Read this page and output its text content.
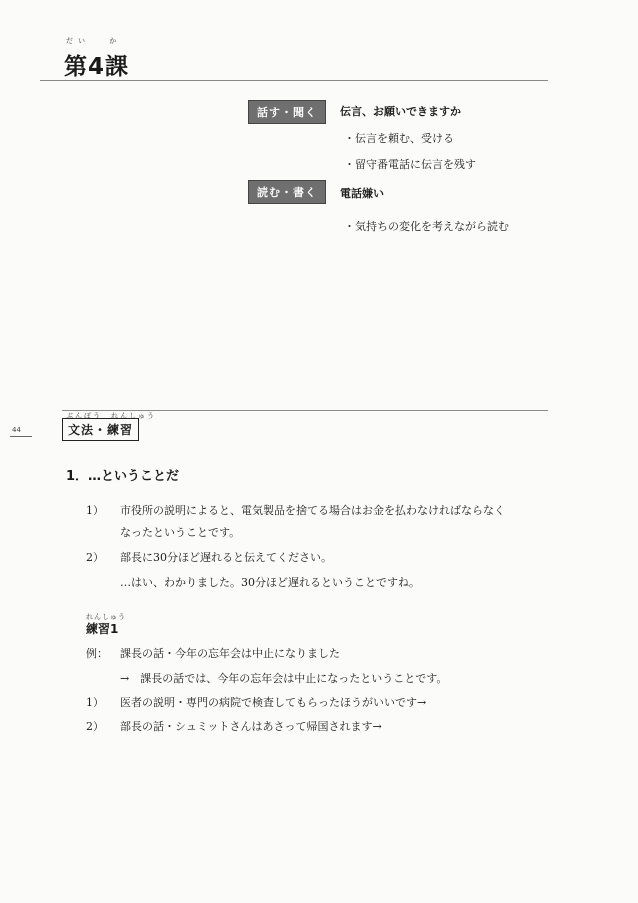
だい　 か
第4課
話す・聞く	伝言、お願いできますか
・伝言を頼む、受ける
・留守番電話に伝言を残す
読む・書く	電話嫌い
・気持ちの変化を考えながら読む
44
ぶんぽう　れんしゅう
文法・練習
1．…ということだ
1） 市役所の説明によると、電気製品を捨てる場合はお金を払わなければならなく
なったということです。
2） 部長に30分ほど遅れると伝えてください。
…はい、わかりました。30分ほど遅れるということですね。
れんしゅう
練習1
例： 課長の話・今年の忘年会は中止になりました
→　課長の話では、今年の忘年会は中止になったということです。
1） 医者の説明・専門の病院で検査してもらったほうがいいです→
2） 部長の話・シュミットさんはあさって帰国されます→
